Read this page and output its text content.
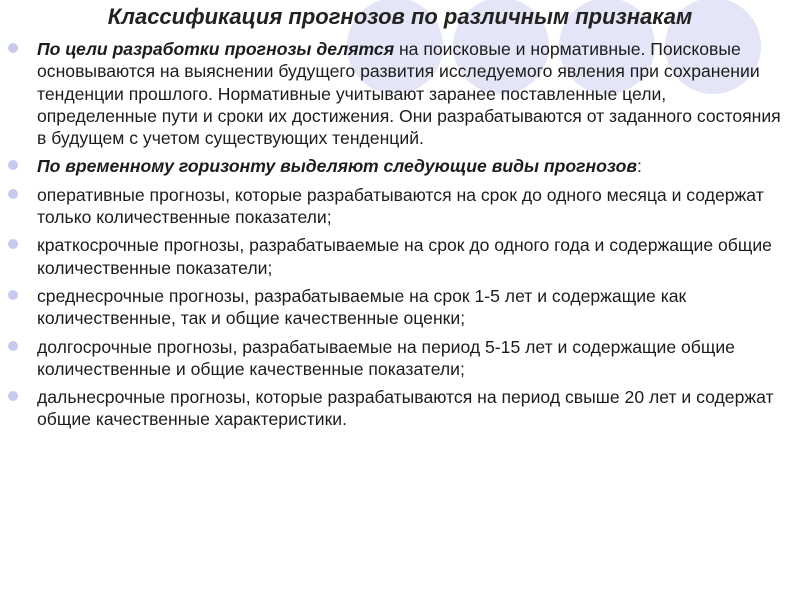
Классификация прогнозов по различным признакам
По цели разработки прогнозы делятся на поисковые и нормативные. Поисковые основываются на выяснении будущего развития исследуемого явления при сохранении тенденции прошлого. Нормативные учитывают заранее поставленные цели, определенные пути и сроки их достижения. Они разрабатываются от заданного состояния в будущем с учетом существующих тенденций.
По временному горизонту выделяют следующие виды прогнозов:
оперативные прогнозы, которые разрабатываются на срок до одного месяца и содержат только количественные показатели;
краткосрочные прогнозы, разрабатываемые на срок до одного года и содержащие общие количественные показатели;
среднесрочные прогнозы, разрабатываемые на срок 1-5 лет и содержащие как количественные, так и общие качественные оценки;
долгосрочные прогнозы, разрабатываемые на период 5-15 лет и содержащие общие количественные и общие качественные показатели;
дальнесрочные прогнозы, которые разрабатываются на период свыше 20 лет и содержат общие качественные характеристики.
